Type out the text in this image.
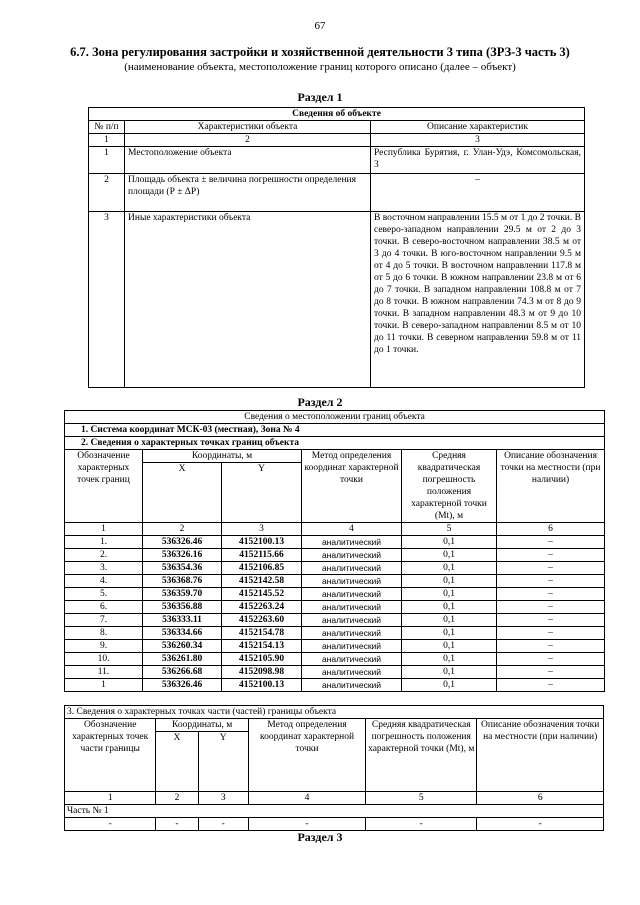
67
6.7. Зона регулирования застройки и хозяйственной деятельности 3 типа (ЗРЗ-3 часть 3)
(наименование объекта, местоположение границ которого описано (далее – объект)
Раздел 1
Сведения об объекте		
№ п/п	Характеристики объекта	Описание характеристик
1	2	3
1	Местоположение объекта	Республика Бурятия, г. Улан-Удэ, Комсомольская, 3
2	Площадь объекта ± величина погрешности определения площади (Р ± ΔР)	–
3	Иные характеристики объекта	В восточном направлении 15.5 м от 1 до 2 точки. В северо-западном направлении 29.5 м от 2 до 3 точки. В северо-восточном направлении 38.5 м от 3 до 4 точки. В юго-восточном направлении 9.5 м от 4 до 5 точки. В восточном направлении 117.8 м от 5 до 6 точки. В южном направлении 23.8 м от 6 до 7 точки. В западном направлении 108.8 м от 7 до 8 точки. В южном направлении 74.3 м от 8 до 9 точки. В западном направлении 48.3 м от 9 до 10 точки. В северо-западном направлении 8.5 м от 10 до 11 точки. В северном направлении 59.8 м от 11 до 1 точки.
Раздел 2
Сведения о местоположении границ объекта					
1. Система координат МСК-03 (местная), Зона № 4					
2. Сведения о характерных точках границ объекта					
Обозначение характерных точек границ	Координаты, м		Метод определения координат характерной точки	Средняя квадратическая погрешность положения характерной точки (Mt), м	Описание обозначения точки на местности (при наличии)
	X	Y			
1	2	3	4	5	6
1.	536326.46	4152100.13	аналитический	0,1	–
2.	536326.16	4152115.66	аналитический	0,1	–
3.	536354.36	4152106.85	аналитический	0,1	–
4.	536368.76	4152142.58	аналитический	0,1	–
5.	536359.70	4152145.52	аналитический	0,1	–
6.	536356.88	4152263.24	аналитический	0,1	–
7.	536333.11	4152263.60	аналитический	0,1	–
8.	536334.66	4152154.78	аналитический	0,1	–
9.	536260.34	4152154.13	аналитический	0,1	–
10.	536261.80	4152105.90	аналитический	0,1	–
11.	536266.68	4152098.98	аналитический	0,1	–
1	536326.46	4152100.13	аналитический	0,1	–
3. Сведения о характерных точках части (частей) границы объекта					
Обозначение характерных точек части границы	Координаты, м		Метод определения координат характерной точки	Средняя квадратическая погрешность положения характерной точки (Mt), м	Описание обозначения точки на местности (при наличии)
	X	Y			
1	2	3	4	5	6
Часть № 1					
-	-	-	-	-	-
Раздел 3
